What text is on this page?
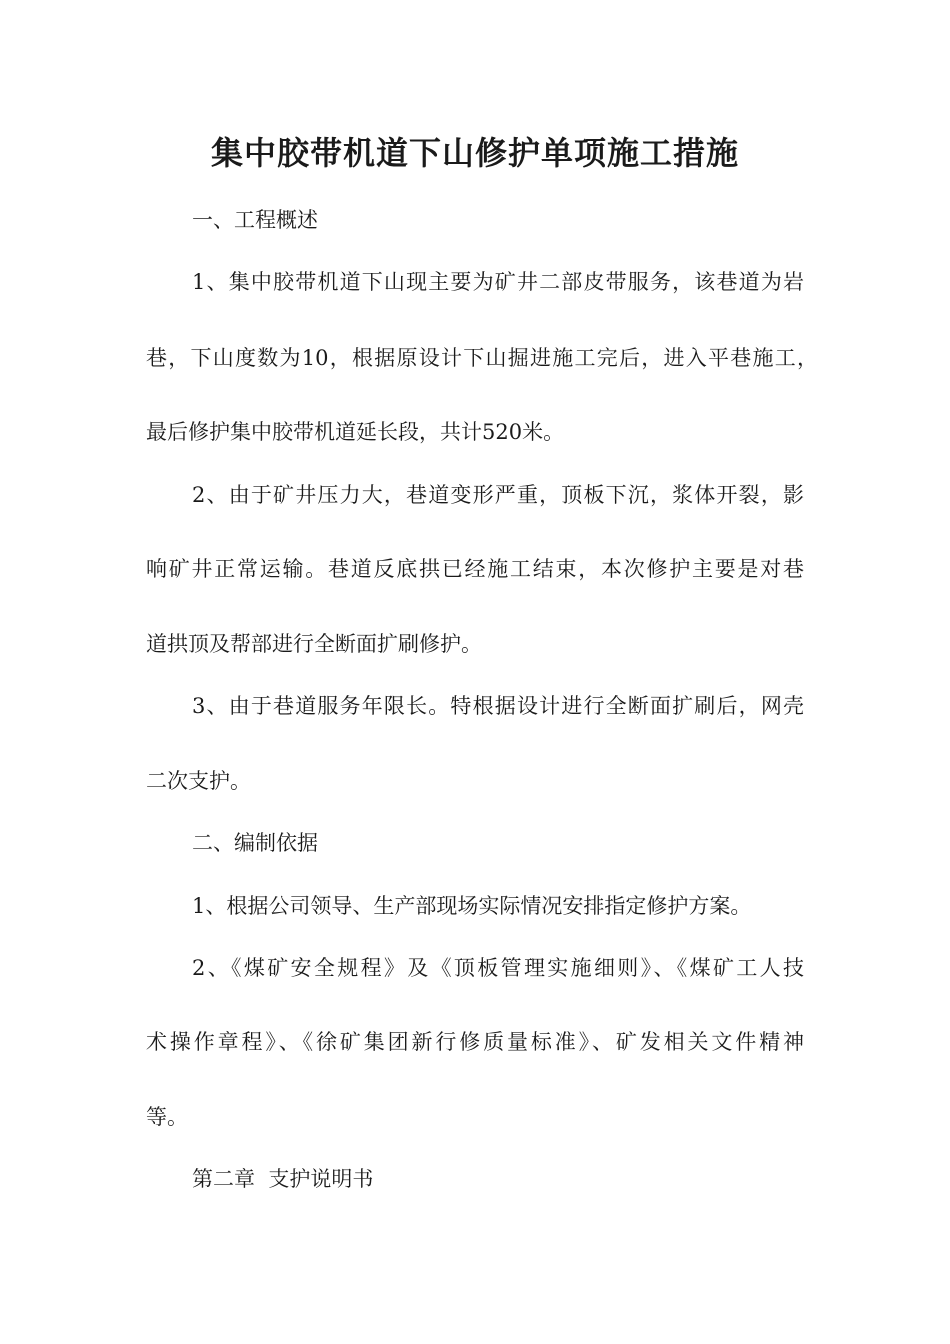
集中胶带机道下山修护单项施工措施
一、工程概述
1、集中胶带机道下山现主要为矿井二部皮带服务，该巷道为岩
巷，下山度数为10，根据原设计下山掘进施工完后，进入平巷施工，
最后修护集中胶带机道延长段，共计520米。
2、由于矿井压力大，巷道变形严重，顶板下沉，浆体开裂，影
响矿井正常运输。巷道反底拱已经施工结束，本次修护主要是对巷
道拱顶及帮部进行全断面扩刷修护。
3、由于巷道服务年限长。特根据设计进行全断面扩刷后，网壳
二次支护。
二、编制依据
1、根据公司领导、生产部现场实际情况安排指定修护方案。
2、《煤矿安全规程》及《顶板管理实施细则》、《煤矿工人技
术操作章程》、《徐矿集团新行修质量标准》、矿发相关文件精神
等。
第二章  支护说明书
